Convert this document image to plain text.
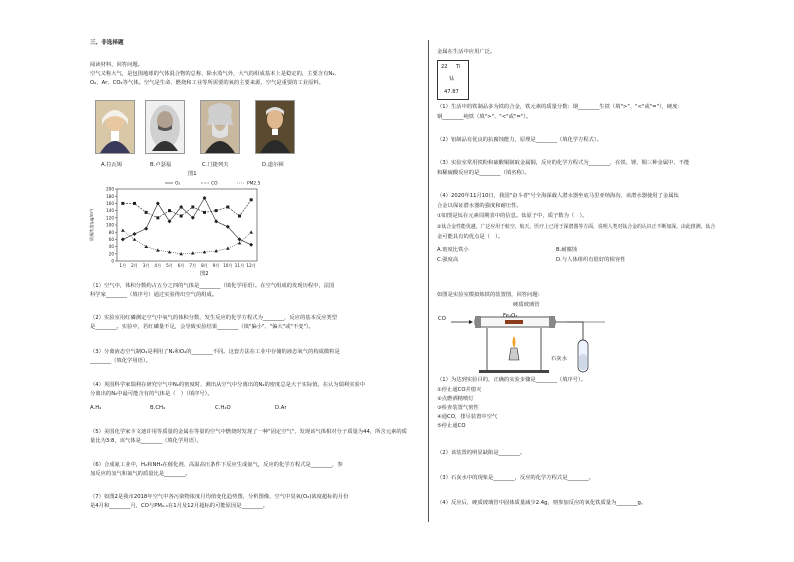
三、非选择题
阅读材料，回答问题。
空气又称大气，是包围地球的气体混合物的总称，除水蒸气外，大气的组成基本上是稳定的，主要含有N₂、
O₂、Ar、CO₂等气体。空气是生命、燃烧和工业等所需要的氧的主要来源，空气是重要的工业原料。
A.拉瓦锡	B.卢瑟福	C.门捷列夫	D.道尔顿
图1
0
20
40
60
80
100
120
140
160
180
200
1月 2月 3月 4月 5月 6月 7月 8月 9月 10月 11月 12月
质量浓度(μg/m³)
O₃	CO	PM2.5
图2
（1）空气中，体积分数约占五分之四的气体是________（填化学用语）。在空气组成的发现历程中，法国
科学家________（填序号）通过实验得出空气的组成。
（2）实验室用红磷测定空气中氧气的体积分数，发生反应的化学方程式为________，反应的基本反应类型
是________。实验中，若红磷量不足，会导致实验结果________（填"偏小"、"偏大"或"不变"）。
（3）分离液态空气制O₂是利用了N₂和O₂的________不同。这套方法在工业中存储的液态氧气的构成微粒是
________（填化学用语）。
（4）英国科学家瑞利在研究空气中N₂的密度时，测出从空气中分离出的N₂的密度总是大于实际值。在认为瑞利实验中
分离出的N₂中最可能含有的气体是（　）（填序号）。
A.H₂	B.CH₄	C.H₂O	D.Ar
（5）美国化学家卡文迪许用等质量的金属在等量的空气中燃烧时发现了一种"固定空气"，发现该气体相对分子质量为44，所含元素的质
量比为3:8，该气体是________（填化学用语）。
（6）合成氨工业中，H₂和NH₃在催化剂、高温高压条件下反应生成氨气，反应的化学方程式是________，参
加反应的氢气和氮气的质量比是________。
（7）如图2是我市2018年空气中各污染物浓度月均值变化趋势图，分析图像，空气中臭氧(O₃)浓度超标的月份
是4月和________月，CO与PM₂.₅在1月及12月超标的可能原因是________。
金属在生活中应用广泛。
22 Ti
钛
47.87
（1）生活中的铁制品多为铁的合金，铁元素的质量分数：钢________生铁（填">"、"<"或"="），硬度：
钢________纯铁（填">"、"<"或"="）。
（2）铝制品有优良的抗腐蚀能力，原理是________（填化学方程式）。
（3）实验室常用铁粉和硫酸铜制取金属铜，反应的化学方程式为________，在铁、锂、铜三种金属中，不能
和稀硫酸反应的是________（填名称）。
（4）2020年11月10日，我国"奋斗者"号全海深载人潜水器坐底马里亚纳海沟，该潜水器使用了金属钛
合金以保证潜水器的强度和耐压性。
①如图是钛在元素周期表中的信息。钛原子中，质子数为（　）。
②钛合金性能优越，广泛应用于航空、航天、医疗上已用于深潜器等方面，说明人类对钛合金的认识正不断加深。由此推测，钛合
金可能具有的优点是（　）。
A.密度比铁小	B.耐腐蚀
C.强度高	D.与人体组织有很好的相容性
如图是实验室模拟炼铁的装置图，回答问题：
硬质玻璃管
Fe₂O₃
CO
石灰水
（1）为达到实验目的，正确的实验步骤是________（填序号）。
①停止通CO并熄灭
②点燃酒精喷灯
③检查装置气密性
④通CO，排尽装置中空气
⑤停止通CO
（2）该装置的明显缺陷是________。
（3）石灰水中的现象是________，反应的化学方程式是________。
（4）反应后，硬质玻璃管中固体质量减少2.4g，则参加反应的氧化铁质量为________g。
